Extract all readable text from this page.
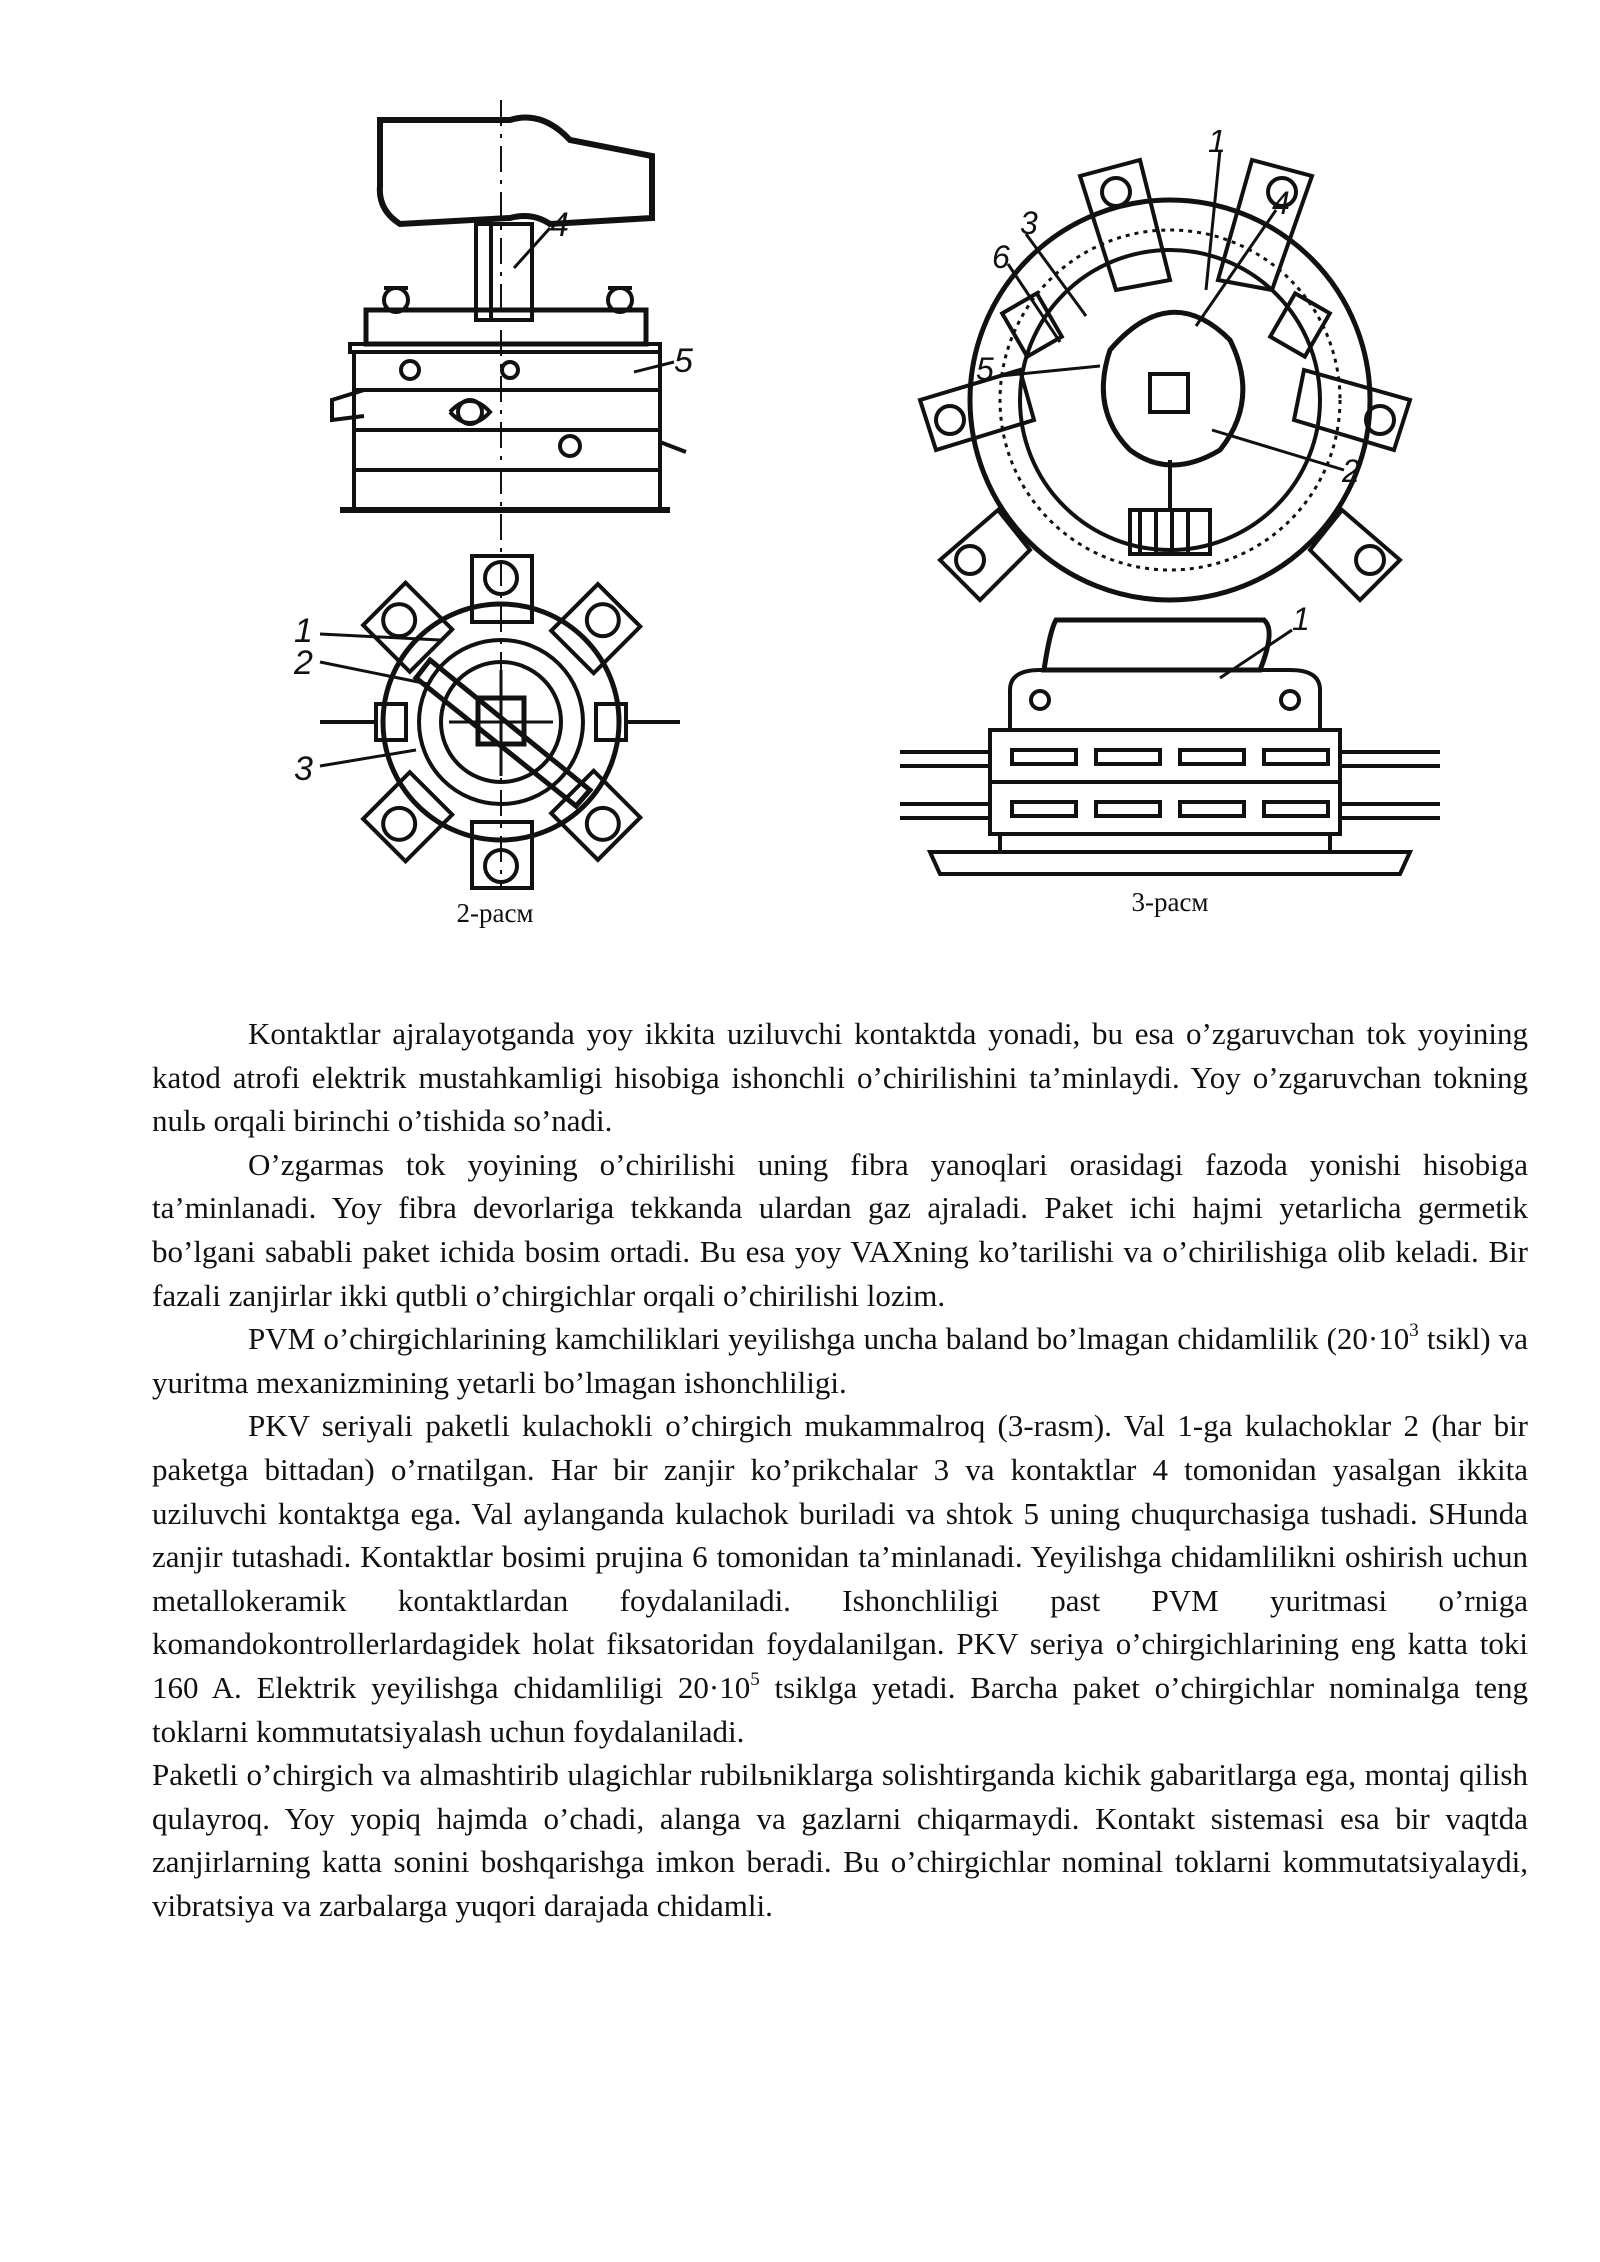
4
5
1
2
3
2-расм
1
4
3
6
5
2
1
3-расм

Kontaktlar ajralayotganda yoy ikkita uziluvchi kontaktda yonadi, bu esa o’zgaruvchan tok yoyining katod atrofi elektrik mustahkamligi hisobiga ishonchli o’chirilishini ta’minlaydi. Yoy o’zgaruvchan tokning nulь orqali birinchi o’tishida so’nadi.

O’zgarmas tok yoyining o’chirilishi uning fibra yanoqlari orasidagi fazoda yonishi hisobiga ta’minlanadi. Yoy fibra devorlariga tekkanda ulardan gaz ajraladi. Paket ichi hajmi yetarlicha germetik bo’lgani sababli paket ichida bosim ortadi. Bu esa yoy VAXning ko’tarilishi va o’chirilishiga olib keladi. Bir fazali zanjirlar ikki qutbli o’chirgichlar orqali o’chirilishi lozim.

PVM o’chirgichlarining kamchiliklari yeyilishga uncha baland bo’lmagan chidamlilik ($20\cdot 10^3$ tsikl) va yuritma mexanizmining yetarli bo’lmagan ishonchliligi.

PKV seriyali paketli kulachokli o’chirgich mukammalroq (3-rasm). Val 1-ga kulachoklar 2 (har bir paketga bittadan) o’rnatilgan. Har bir zanjir ko’prikchalar 3 va kontaktlar 4 tomonidan yasalgan ikkita uziluvchi kontaktga ega. Val aylanganda kulachok buriladi va shtok 5 uning chuqurchasiga tushadi. SHunda zanjir tutashadi. Kontaktlar bosimi prujina 6 tomonidan ta’minlanadi. Yeyilishga chidamlilikni oshirish uchun metallokeramik kontaktlardan foydalaniladi. Ishonchliligi past PVM yuritmasi o’rniga komandokontrollerlardagidek holat fiksatoridan foydalanilgan. PKV seriya o’chirgichlarining eng katta toki 160 A. Elektrik yeyilishga chidamliligi $20\cdot 10^5$ tsiklga yetadi. Barcha paket o’chirgichlar nominalga teng toklarni kommutatsiyalash uchun foydalaniladi.

Paketli o’chirgich va almashtirib ulagichlar rubilьniklarga solishtirganda kichik gabaritlarga ega, montaj qilish qulayroq. Yoy yopiq hajmda o’chadi, alanga va gazlarni chiqarmaydi. Kontakt sistemasi esa bir vaqtda zanjirlarning katta sonini boshqarishga imkon beradi. Bu o’chirgichlar nominal toklarni kommutatsiyalaydi, vibratsiya va zarbalarga yuqori darajada chidamli.
